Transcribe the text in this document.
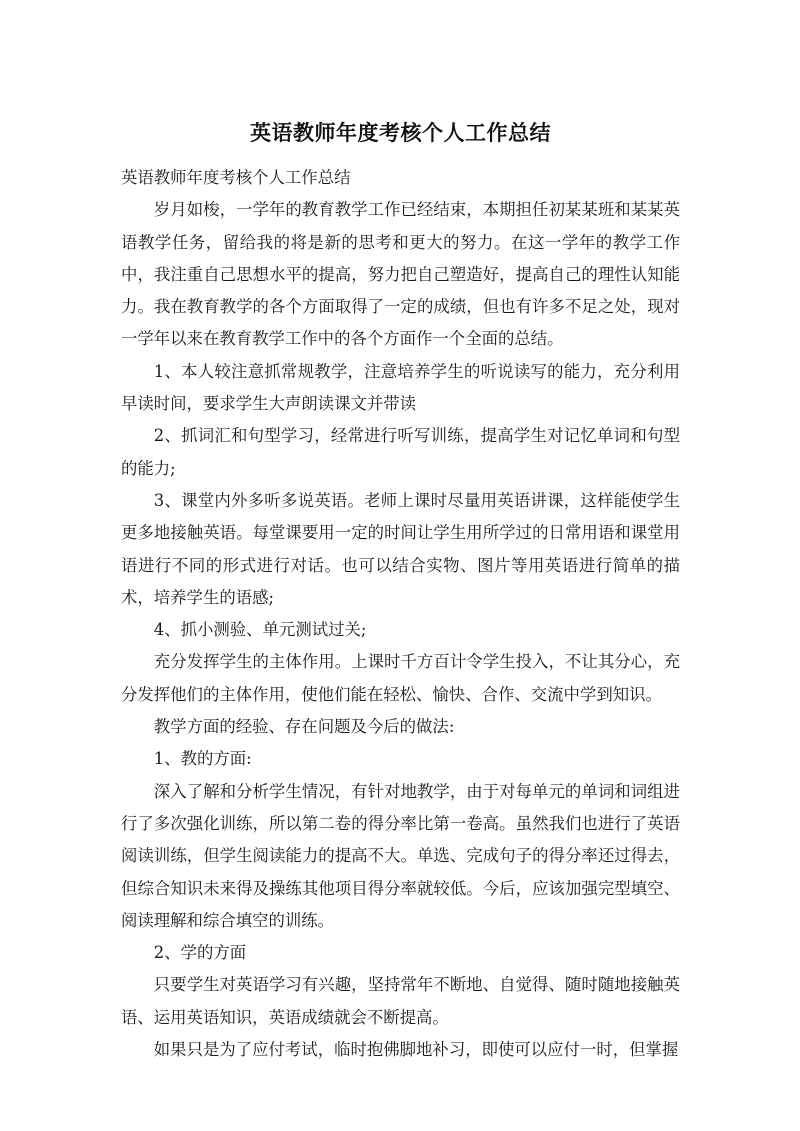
英语教师年度考核个人工作总结

英语教师年度考核个人工作总结

岁月如梭，一学年的教育教学工作已经结束，本期担任初某某班和某某英语教学任务，留给我的将是新的思考和更大的努力。在这一学年的教学工作中，我注重自己思想水平的提高，努力把自己塑造好，提高自己的理性认知能力。我在教育教学的各个方面取得了一定的成绩，但也有许多不足之处，现对一学年以来在教育教学工作中的各个方面作一个全面的总结。

1、本人较注意抓常规教学，注意培养学生的听说读写的能力，充分利用早读时间，要求学生大声朗读课文并带读

2、抓词汇和句型学习，经常进行听写训练，提高学生对记忆单词和句型的能力;

3、课堂内外多听多说英语。老师上课时尽量用英语讲课，这样能使学生更多地接触英语。每堂课要用一定的时间让学生用所学过的日常用语和课堂用语进行不同的形式进行对话。也可以结合实物、图片等用英语进行简单的描术，培养学生的语感;

4、抓小测验、单元测试过关;

充分发挥学生的主体作用。上课时千方百计令学生投入，不让其分心，充分发挥他们的主体作用，使他们能在轻松、愉快、合作、交流中学到知识。

教学方面的经验、存在问题及今后的做法:

1、教的方面:

深入了解和分析学生情况，有针对地教学，由于对每单元的单词和词组进行了多次强化训练，所以第二卷的得分率比第一卷高。虽然我们也进行了英语阅读训练，但学生阅读能力的提高不大。单选、完成句子的得分率还过得去，但综合知识未来得及操练其他项目得分率就较低。今后，应该加强完型填空、阅读理解和综合填空的训练。

2、学的方面

只要学生对英语学习有兴趣，坚持常年不断地、自觉得、随时随地接触英语、运用英语知识，英语成绩就会不断提高。

如果只是为了应付考试，临时抱佛脚地补习，即使可以应付一时，但掌握
